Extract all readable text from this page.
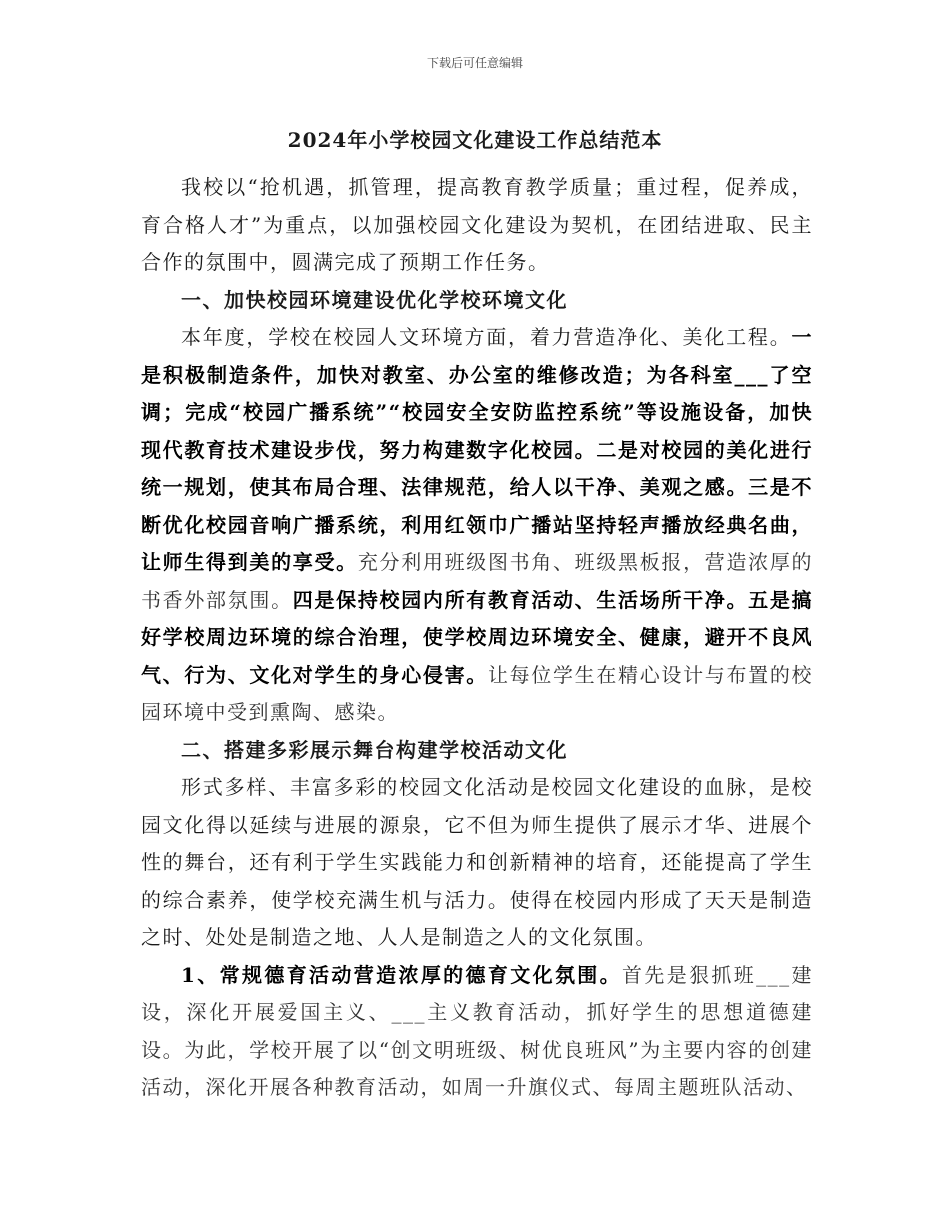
下载后可任意编辑
2024年小学校园文化建设工作总结范本

我校以“抢机遇，抓管理，提高教育教学质量；重过程，促养成，育合格人才”为重点，以加强校园文化建设为契机，在团结进取、民主合作的氛围中，圆满完成了预期工作任务。

一、加快校园环境建设优化学校环境文化

本年度，学校在校园人文环境方面，着力营造净化、美化工程。一是积极制造条件，加快对教室、办公室的维修改造；为各科室___了空调；完成“校园广播系统”“校园安全安防监控系统”等设施设备，加快现代教育技术建设步伐，努力构建数字化校园。二是对校园的美化进行统一规划，使其布局合理、法律规范，给人以干净、美观之感。三是不断优化校园音响广播系统，利用红领巾广播站坚持轻声播放经典名曲，让师生得到美的享受。充分利用班级图书角、班级黑板报，营造浓厚的书香外部氛围。四是保持校园内所有教育活动、生活场所干净。五是搞好学校周边环境的综合治理，使学校周边环境安全、健康，避开不良风气、行为、文化对学生的身心侵害。让每位学生在精心设计与布置的校园环境中受到熏陶、感染。

二、搭建多彩展示舞台构建学校活动文化

形式多样、丰富多彩的校园文化活动是校园文化建设的血脉，是校园文化得以延续与进展的源泉，它不但为师生提供了展示才华、进展个性的舞台，还有利于学生实践能力和创新精神的培育，还能提高了学生的综合素养，使学校充满生机与活力。使得在校园内形成了天天是制造之时、处处是制造之地、人人是制造之人的文化氛围。

1、常规德育活动营造浓厚的德育文化氛围。首先是狠抓班___建设，深化开展爱国主义、___主义教育活动，抓好学生的思想道德建设。为此，学校开展了以“创文明班级、树优良班风”为主要内容的创建活动，深化开展各种教育活动，如周一升旗仪式、每周主题班队活动、
